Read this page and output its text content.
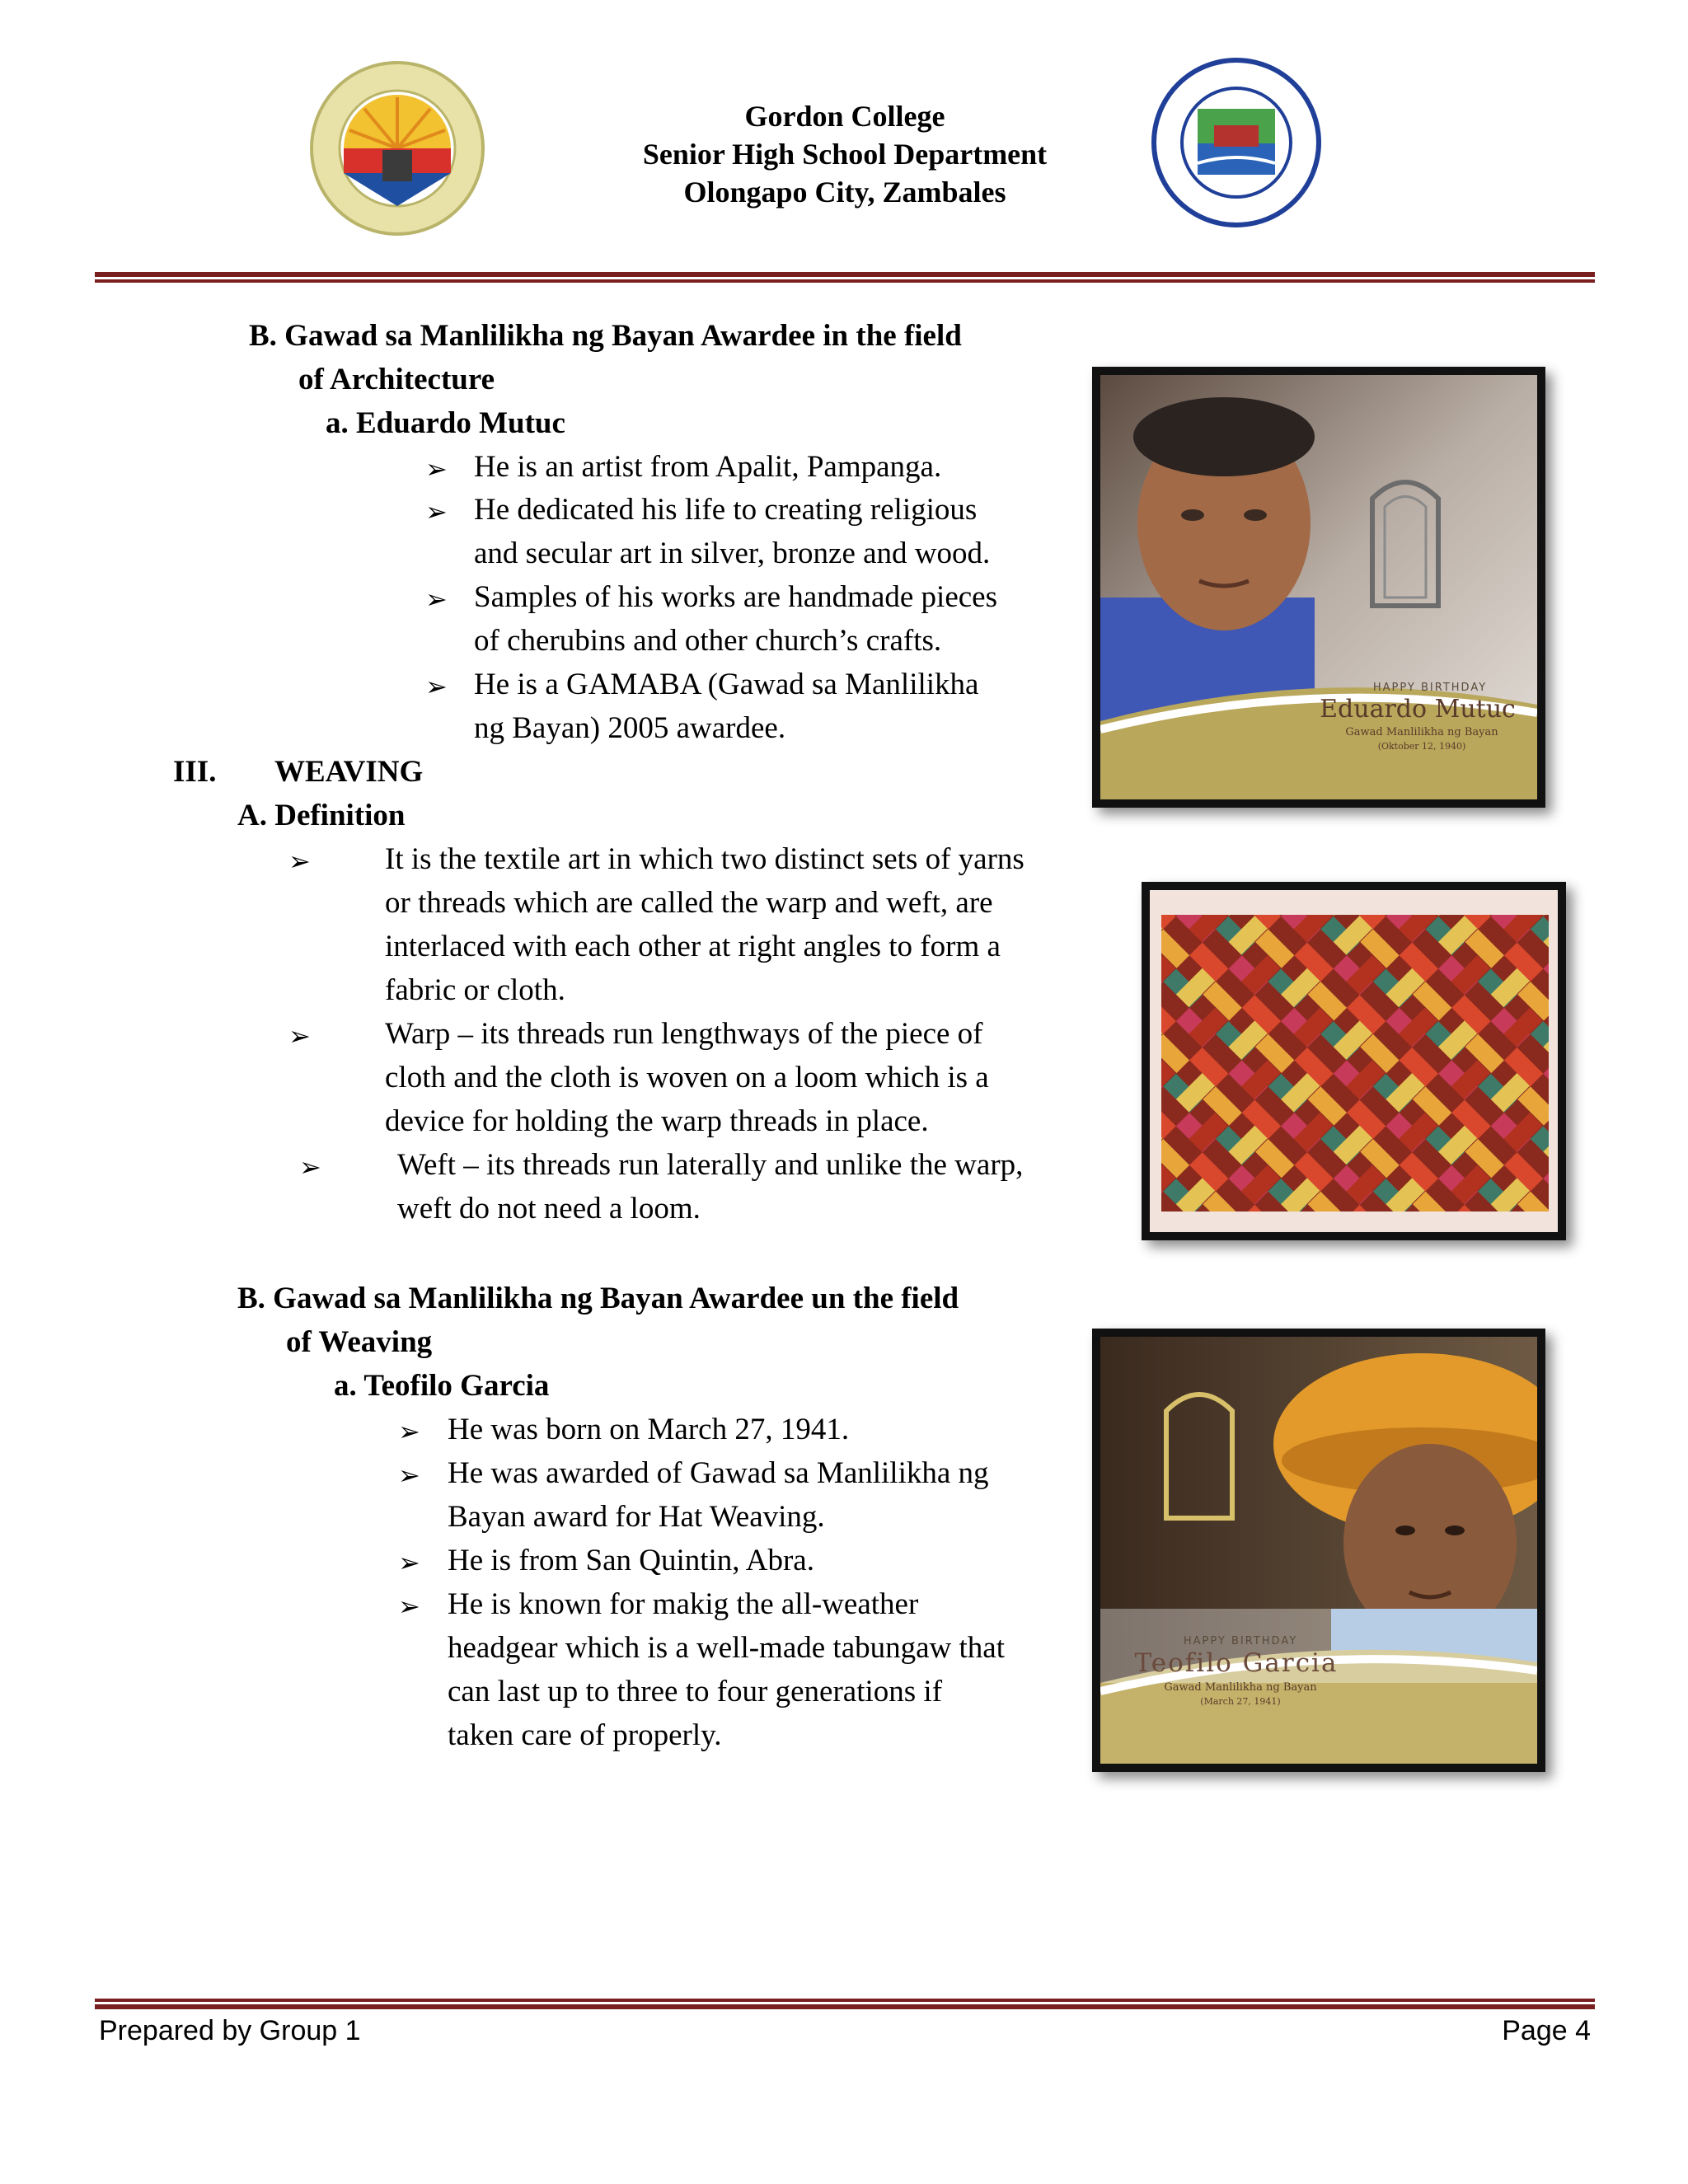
Gordon College
Senior High School Department
Olongapo City, Zambales
B. Gawad sa Manlilikha ng Bayan Awardee in the field
of Architecture
a. Eduardo Mutuc
➢ He is an artist from Apalit, Pampanga.
➢ He dedicated his life to creating religious
and secular art in silver, bronze and wood.
➢ Samples of his works are handmade pieces
of cherubins and other church’s crafts.
➢ He is a GAMABA (Gawad sa Manlilikha
ng Bayan) 2005 awardee.
III. WEAVING
A. Definition
➢ It is the textile art in which two distinct sets of yarns
or threads which are called the warp and weft, are
interlaced with each other at right angles to form a
fabric or cloth.
➢ Warp – its threads run lengthways of the piece of
cloth and the cloth is woven on a loom which is a
device for holding the warp threads in place.
➢ Weft – its threads run laterally and unlike the warp,
weft do not need a loom.
B. Gawad sa Manlilikha ng Bayan Awardee un the field
of Weaving
a. Teofilo Garcia
➢ He was born on March 27, 1941.
➢ He was awarded of Gawad sa Manlilikha ng
Bayan award for Hat Weaving.
➢ He is from San Quintin, Abra.
➢ He is known for makig the all-weather
headgear which is a well-made tabungaw that
can last up to three to four generations if
taken care of properly.
HAPPY BIRTHDAY
Eduardo Mutuc
Gawad Manlilikha ng Bayan
(Oktober 12, 1940)
HAPPY BIRTHDAY
Teofilo Garcia
Gawad Manlilikha ng Bayan
(March 27, 1941)
Prepared by Group 1	Page 4
